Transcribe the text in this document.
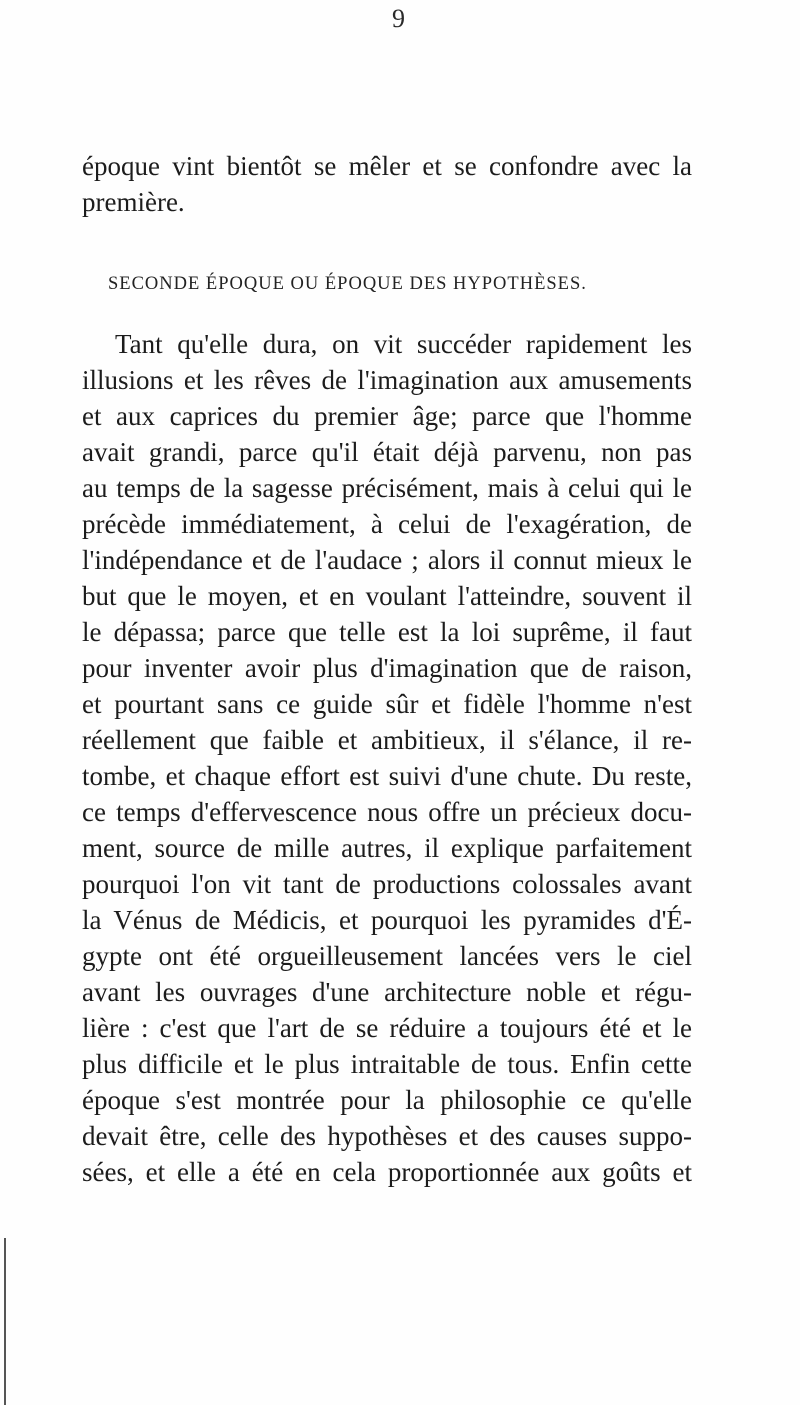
9
époque vint bientôt se mêler et se confondre avec la
première.
SECONDE ÉPOQUE OU ÉPOQUE DES HYPOTHÈSES.
Tant qu'elle dura, on vit succéder rapidement les
illusions et les rêves de l'imagination aux amusements
et aux caprices du premier âge; parce que l'homme
avait grandi, parce qu'il était déjà parvenu, non pas
au temps de la sagesse précisément, mais à celui qui le
précède immédiatement, à celui de l'exagération, de
l'indépendance et de l'audace ; alors il connut mieux le
but que le moyen, et en voulant l'atteindre, souvent il
le dépassa; parce que telle est la loi suprême, il faut
pour inventer avoir plus d'imagination que de raison,
et pourtant sans ce guide sûr et fidèle l'homme n'est
réellement que faible et ambitieux, il s'élance, il re-
tombe, et chaque effort est suivi d'une chute. Du reste,
ce temps d'effervescence nous offre un précieux docu-
ment, source de mille autres, il explique parfaitement
pourquoi l'on vit tant de productions colossales avant
la Vénus de Médicis, et pourquoi les pyramides d'É-
gypte ont été orgueilleusement lancées vers le ciel
avant les ouvrages d'une architecture noble et régu-
lière : c'est que l'art de se réduire a toujours été et le
plus difficile et le plus intraitable de tous. Enfin cette
époque s'est montrée pour la philosophie ce qu'elle
devait être, celle des hypothèses et des causes suppo-
sées, et elle a été en cela proportionnée aux goûts et
